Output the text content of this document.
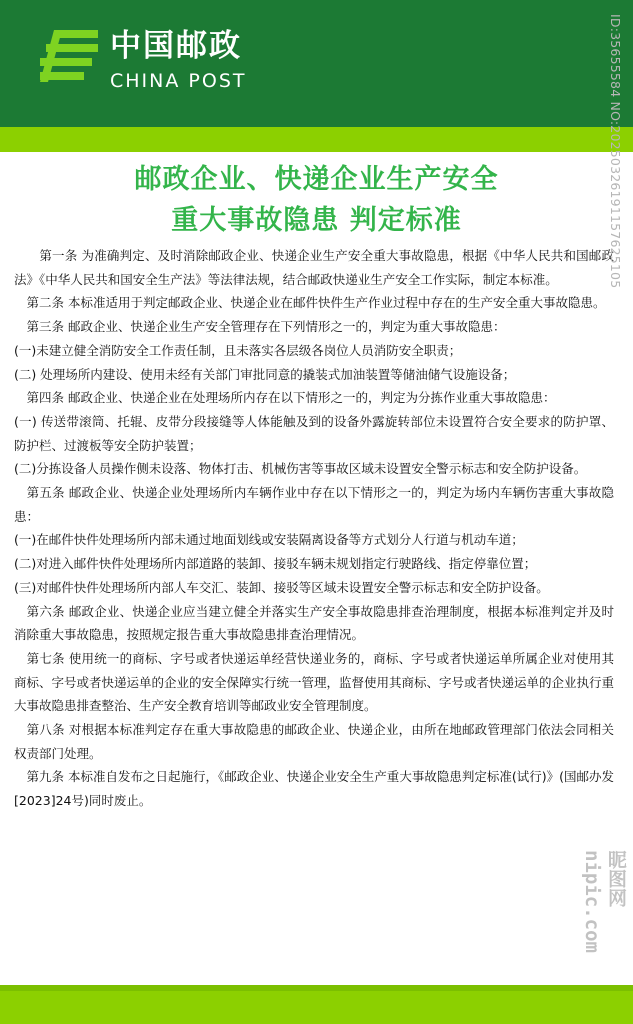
中国邮政
CHINA POST
邮政企业、快递企业生产安全
重大事故隐患 判定标准

　　第一条 为准确判定、及时消除邮政企业、快递企业生产安全重大事故隐患，根据《中华人民共和国邮政法》《中华人民共和国安全生产法》等法律法规，结合邮政快递业生产安全工作实际，制定本标准。

　第二条 本标准适用于判定邮政企业、快递企业在邮件快件生产作业过程中存在的生产安全重大事故隐患。

　第三条 邮政企业、快递企业生产安全管理存在下列情形之一的，判定为重大事故隐患：

(一)未建立健全消防安全工作责任制，且未落实各层级各岗位人员消防安全职责；

(二) 处理场所内建设、使用未经有关部门审批同意的撬装式加油装置等储油储气设施设备；

　第四条 邮政企业、快递企业在处理场所内存在以下情形之一的，判定为分拣作业重大事故隐患：

(一) 传送带滚筒、托辊、皮带分段接缝等人体能触及到的设备外露旋转部位未设置符合安全要求的防护罩、防护栏、过渡板等安全防护装置；

(二)分拣设备人员操作侧未设落、物体打击、机械伤害等事故区域未设置安全警示标志和安全防护设备。

　第五条 邮政企业、快递企业处理场所内车辆作业中存在以下情形之一的，判定为场内车辆伤害重大事故隐患：

(一)在邮件快件处理场所内部未通过地面划线或安装隔离设备等方式划分人行道与机动车道；

(二)对进入邮件快件处理场所内部道路的装卸、接驳车辆未规划指定行驶路线、指定停靠位置；

(三)对邮件快件处理场所内部人车交汇、装卸、接驳等区域未设置安全警示标志和安全防护设备。

　第六条 邮政企业、快递企业应当建立健全并落实生产安全事故隐患排查治理制度，根据本标准判定并及时消除重大事故隐患，按照规定报告重大事故隐患排查治理情况。

　第七条 使用统一的商标、字号或者快递运单经营快递业务的，商标、字号或者快递运单所属企业对使用其商标、字号或者快递运单的企业的安全保障实行统一管理，监督使用其商标、字号或者快递运单的企业执行重大事故隐患排查整治、生产安全教育培训等邮政业安全管理制度。

　第八条 对根据本标准判定存在重大事故隐患的邮政企业、快递企业，由所在地邮政管理部门依法会同相关权责部门处理。

　第九条 本标准自发布之日起施行，《邮政企业、快递企业安全生产重大事故隐患判定标准(试行)》(国邮办发[2023]24号)同时废止。

ID:35655584 NO:20250326191157625105
昵图网 nipic.com
